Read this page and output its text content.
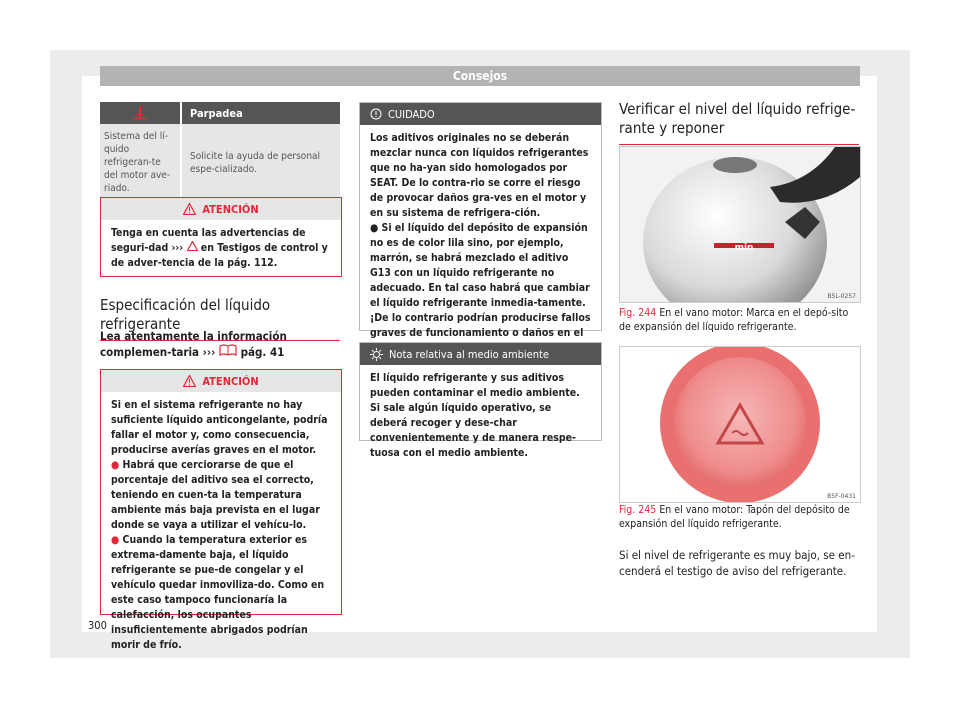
Consejos
Parpadea
Sistema del lí-quido refrigeran-te del motor ave-riado.
Solicite la ayuda de personal espe-cializado.
ATENCIÓN
Tenga en cuenta las advertencias de seguri-dad ››› en Testigos de control y de adver-tencia de la pág. 112.
Especificación del líquido refrigerante
Lea atentamente la información complemen-taria ››› pág. 41
ATENCIÓN
Si en el sistema refrigerante no hay suficiente líquido anticongelante, podría fallar el motor y, como consecuencia, producirse averías graves en el motor.
● Habrá que cerciorarse de que el porcentaje del aditivo sea el correcto, teniendo en cuen-ta la temperatura ambiente más baja prevista en el lugar donde se vaya a utilizar el vehícu-lo.
● Cuando la temperatura exterior es extrema-damente baja, el líquido refrigerante se pue-de congelar y el vehículo quedar inmoviliza-do. Como en este caso tampoco funcionaría la calefacción, los ocupantes insuficientemente abrigados podrían morir de frío.
CUIDADO
Los aditivos originales no se deberán mezclar nunca con líquidos refrigerantes que no ha-yan sido homologados por SEAT. De lo contra-rio se corre el riesgo de provocar daños gra-ves en el motor y en su sistema de refrigera-ción.
● Si el líquido del depósito de expansión no es de color lila sino, por ejemplo, marrón, se habrá mezclado el aditivo G13 con un líquido refrigerante no adecuado. En tal caso habrá que cambiar el líquido refrigerante inmedia-tamente. ¡De lo contrario podrían producirse fallos graves de funcionamiento o daños en el
Nota relativa al medio ambiente
El líquido refrigerante y sus aditivos pueden contaminar el medio ambiente. Si sale algún líquido operativo, se deberá recoger y dese-char convenientemente y de manera respe-tuosa con el medio ambiente.
Verificar el nivel del líquido refrige-rante y reponer
min
B5L-0257
Fig. 244 En el vano motor: Marca en el depó-sito de expansión del líquido refrigerante.
B5F-0431
Fig. 245 En el vano motor: Tapón del depósito de expansión del líquido refrigerante.
Si el nivel de refrigerante es muy bajo, se en-cenderá el testigo de aviso del refrigerante.
300
